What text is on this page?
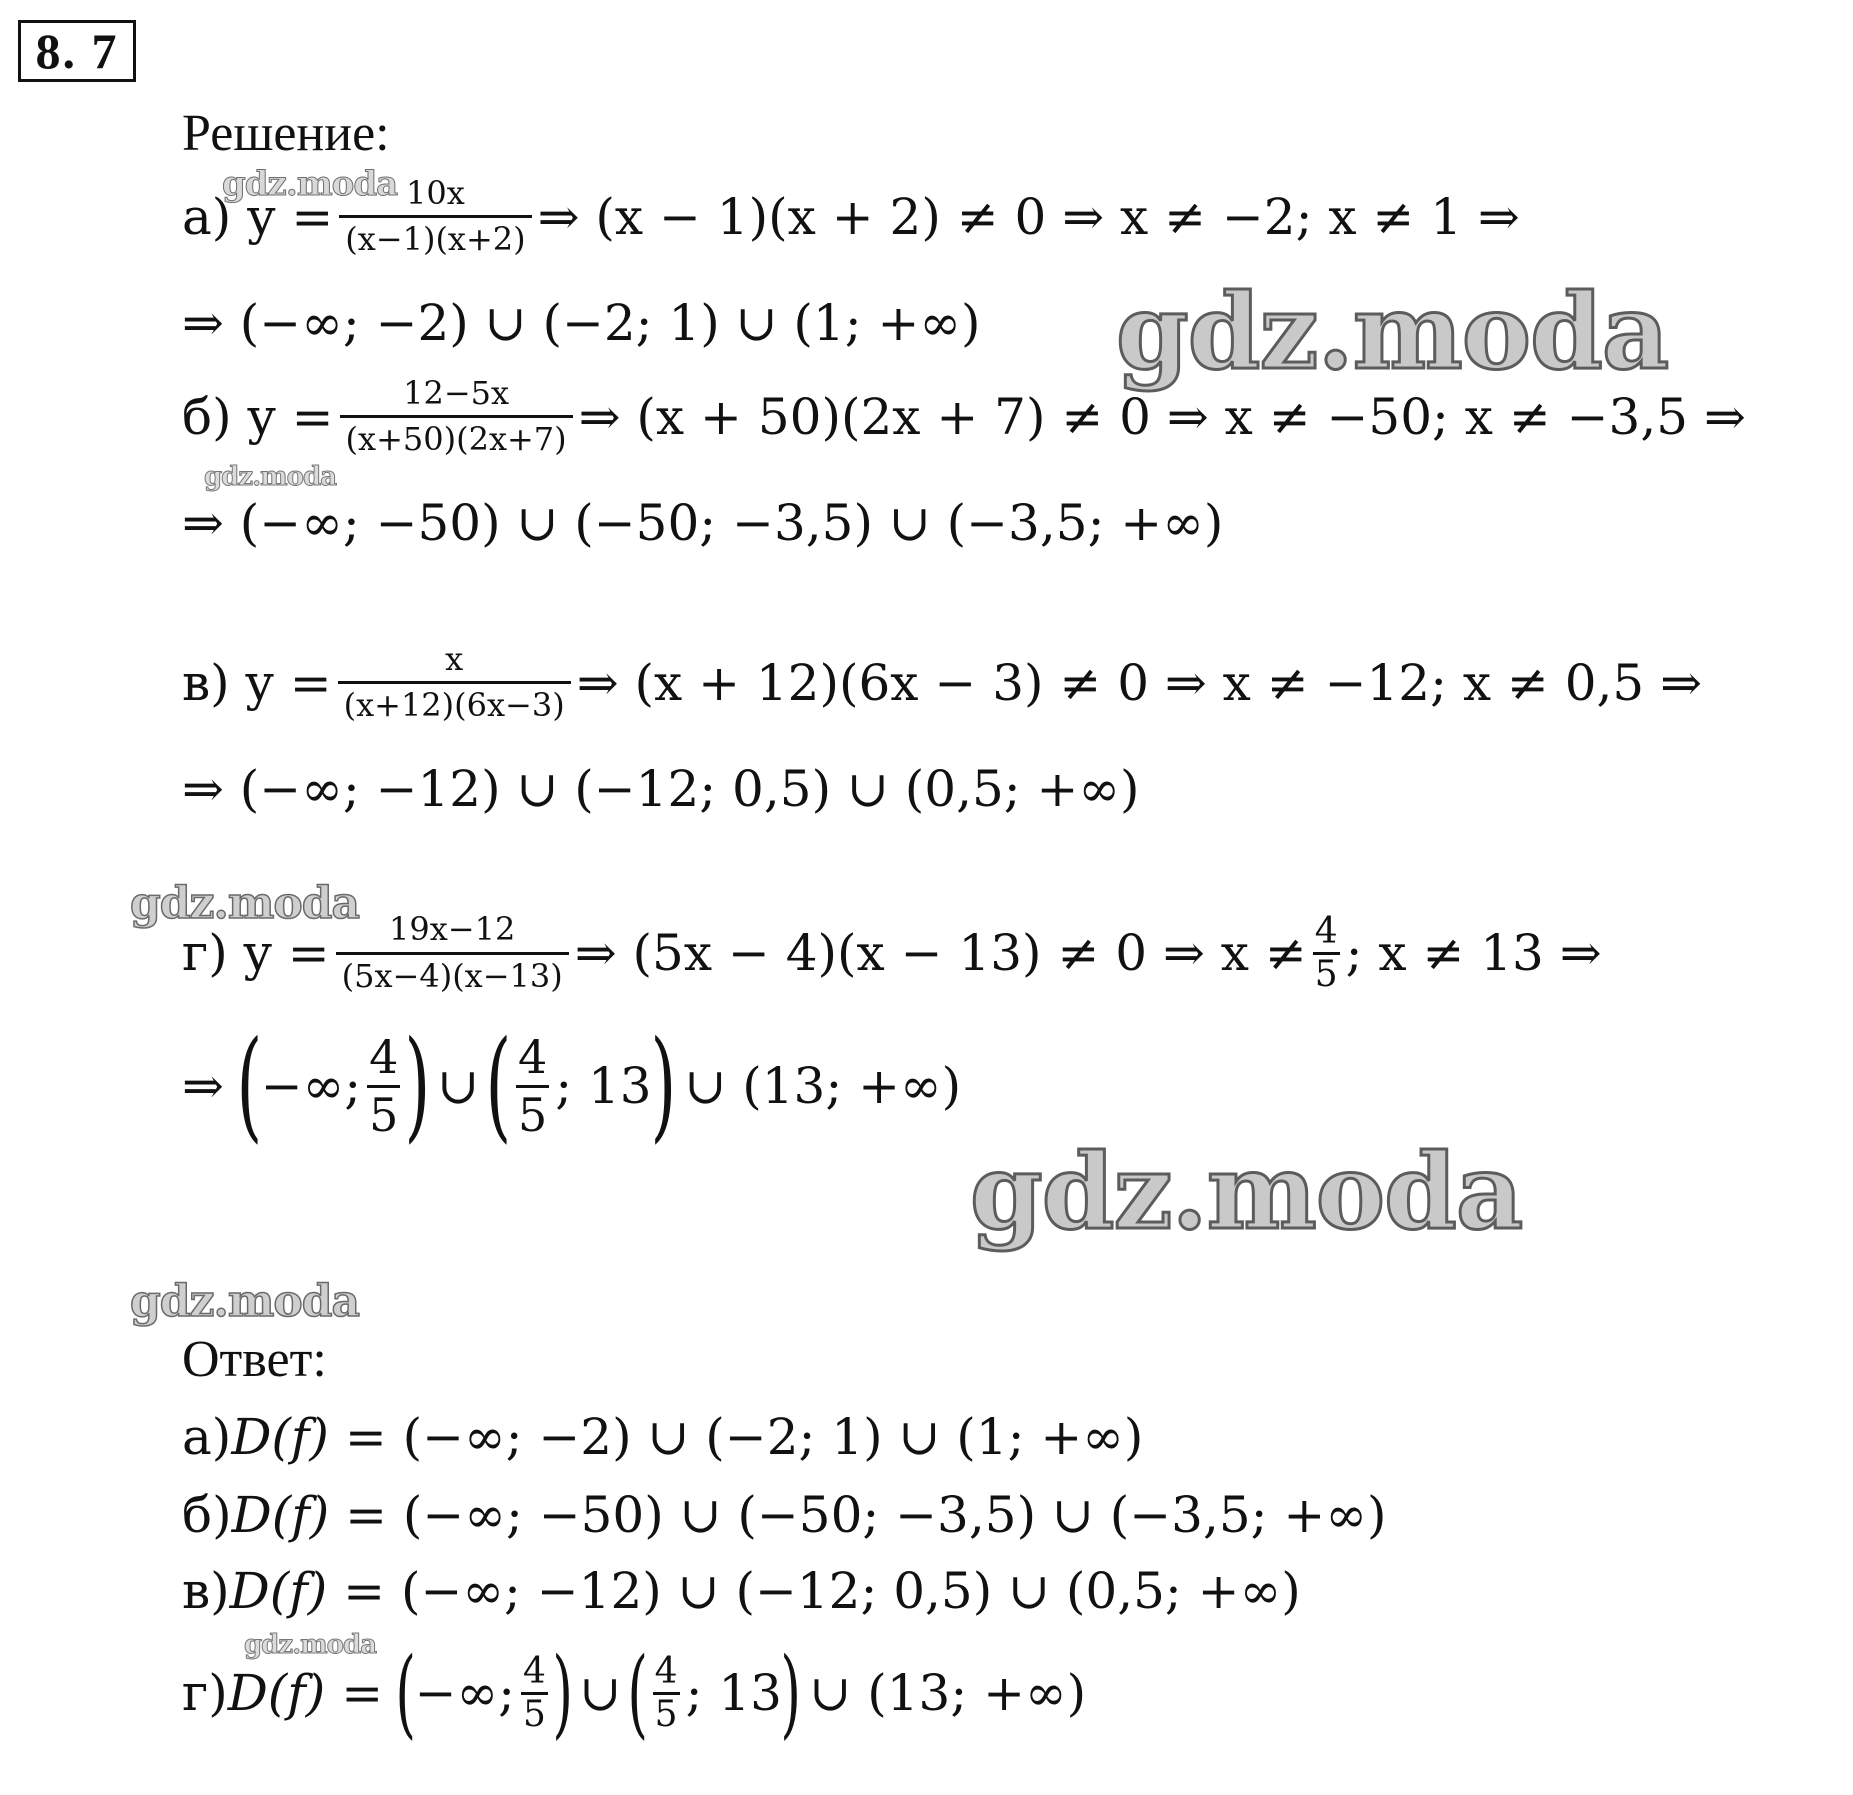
8. 7
Решение:
а) $y = \frac{10x}{(x-1)(x+2)}$ ⇒ (x − 1)(x + 2) ≠ 0 ⇒ x ≠ −2; x ≠ 1 ⇒
⇒ (−∞; −2) ∪ (−2; 1) ∪ (1; +∞)
б) $y = \frac{12-5x}{(x+50)(2x+7)}$ ⇒ (x + 50)(2x + 7) ≠ 0 ⇒ x ≠ −50; x ≠ −3,5 ⇒
⇒ (−∞; −50) ∪ (−50; −3,5) ∪ (−3,5; +∞)
в) $y = \frac{x}{(x+12)(6x-3)}$ ⇒ (x + 12)(6x − 3) ≠ 0 ⇒ x ≠ −12; x ≠ 0,5 ⇒
⇒ (−∞; −12) ∪ (−12; 0,5) ∪ (0,5; +∞)
г) $y = \frac{19x-12}{(5x-4)(x-13)}$ ⇒ (5x − 4)(x − 13) ≠ 0 ⇒ $x \ne \frac{4}{5}$ ; x ≠ 13 ⇒
⇒ (
−∞; $\frac{4}{5}$ ) ∪ ( $\frac{4}{5}$ ; 13
) ∪ (13; +∞)
Ответ:
а) D(f) = (−∞; −2) ∪ (−2; 1) ∪ (1; +∞)
б) D(f) = (−∞; −50) ∪ (−50; −3,5) ∪ (−3,5; +∞)
в) D(f) = (−∞; −12) ∪ (−12; 0,5) ∪ (0,5; +∞)
г) D(f) = (
−∞; $\frac{4}{5}$ ) ∪ ( $\frac{4}{5}$ ; 13
) ∪ (13; +∞)
gdz.moda
gdz.moda
gdz.moda
gdz.moda
gdz.moda
gdz.moda
gdz.moda
